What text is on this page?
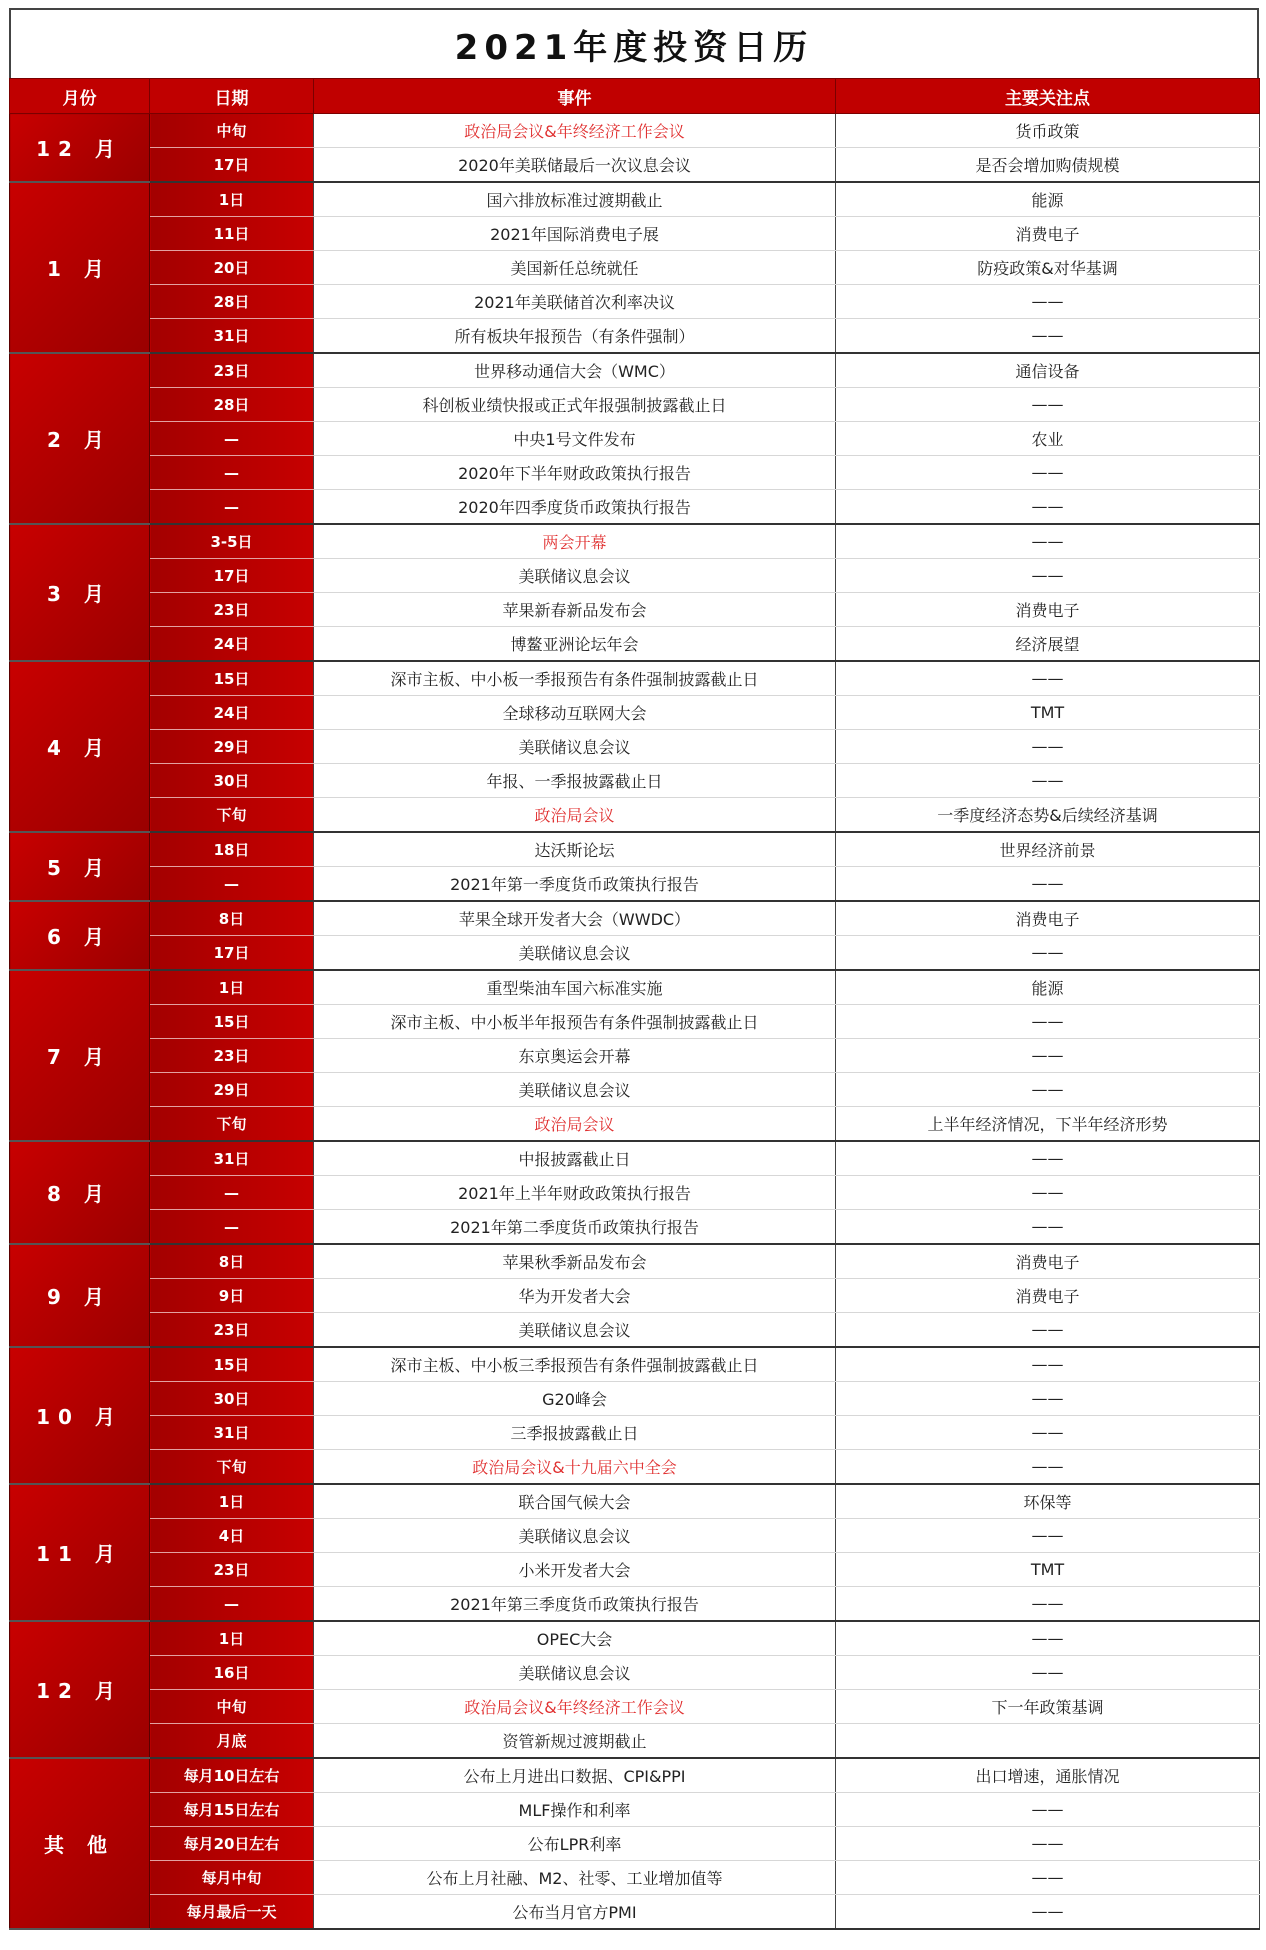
2021年度投资日历
月份	日期	事件	主要关注点
12 月	中旬	政治局会议&年终经济工作会议	货币政策
	17日	2020年美联储最后一次议息会议	是否会增加购债规模
1 月	1日	国六排放标准过渡期截止	能源
	11日	2021年国际消费电子展	消费电子
	20日	美国新任总统就任	防疫政策&对华基调
	28日	2021年美联储首次利率决议	——
	31日	所有板块年报预告（有条件强制）	——
2 月	23日	世界移动通信大会（WMC）	通信设备
	28日	科创板业绩快报或正式年报强制披露截止日	——
	—	中央1号文件发布	农业
	—	2020年下半年财政政策执行报告	——
	—	2020年四季度货币政策执行报告	——
3 月	3-5日	两会开幕	——
	17日	美联储议息会议	——
	23日	苹果新春新品发布会	消费电子
	24日	博鳌亚洲论坛年会	经济展望
4 月	15日	深市主板、中小板一季报预告有条件强制披露截止日	——
	24日	全球移动互联网大会	TMT
	29日	美联储议息会议	——
	30日	年报、一季报披露截止日	——
	下旬	政治局会议	一季度经济态势&后续经济基调
5 月	18日	达沃斯论坛	世界经济前景
	—	2021年第一季度货币政策执行报告	——
6 月	8日	苹果全球开发者大会（WWDC）	消费电子
	17日	美联储议息会议	——
7 月	1日	重型柴油车国六标准实施	能源
	15日	深市主板、中小板半年报预告有条件强制披露截止日	——
	23日	东京奥运会开幕	——
	29日	美联储议息会议	——
	下旬	政治局会议	上半年经济情况，下半年经济形势
8 月	31日	中报披露截止日	——
	—	2021年上半年财政政策执行报告	——
	—	2021年第二季度货币政策执行报告	——
9 月	8日	苹果秋季新品发布会	消费电子
	9日	华为开发者大会	消费电子
	23日	美联储议息会议	——
10 月	15日	深市主板、中小板三季报预告有条件强制披露截止日	——
	30日	G20峰会	——
	31日	三季报披露截止日	——
	下旬	政治局会议&十九届六中全会	——
11 月	1日	联合国气候大会	环保等
	4日	美联储议息会议	——
	23日	小米开发者大会	TMT
	—	2021年第三季度货币政策执行报告	——
12 月	1日	OPEC大会	——
	16日	美联储议息会议	——
	中旬	政治局会议&年终经济工作会议	下一年政策基调
	月底	资管新规过渡期截止	
其 他	每月10日左右	公布上月进出口数据、CPI&PPI	出口增速，通胀情况
	每月15日左右	MLF操作和利率	——
	每月20日左右	公布LPR利率	——
	每月中旬	公布上月社融、M2、社零、工业增加值等	——
	每月最后一天	公布当月官方PMI	——
